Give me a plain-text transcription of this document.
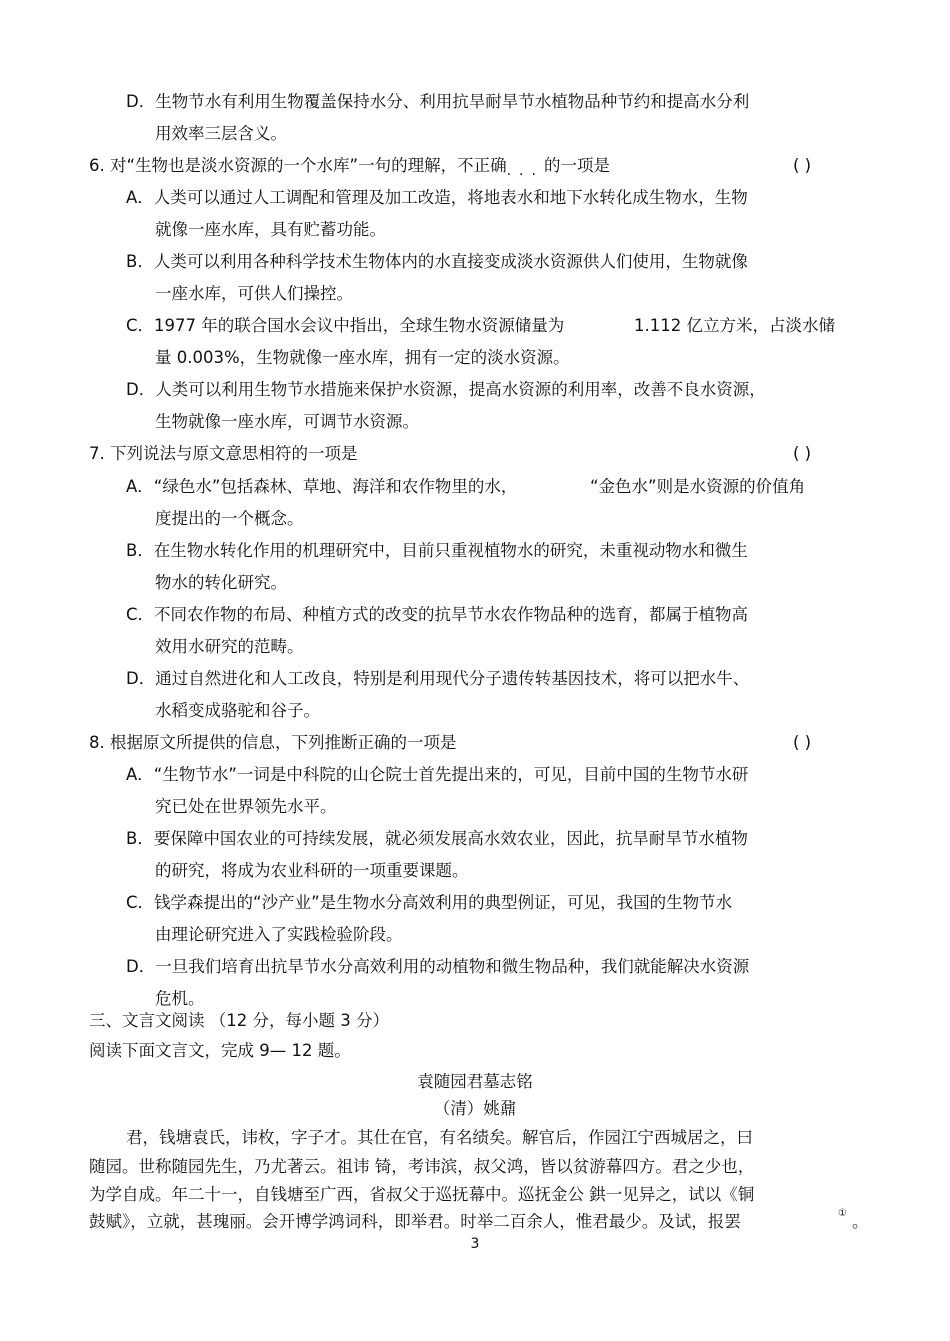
D．生物节水有利用生物覆盖保持水分、利用抗旱耐旱节水植物品种节约和提高水分利
用效率三层含义。
6. 对“生物也是淡水资源的一个水库”一句的理解，不正确$_{...}$的一项是	( )
A．人类可以通过人工调配和管理及加工改造，将地表水和地下水转化成生物水，生物
就像一座水库，具有贮蓄功能。
B．人类可以利用各种科学技术生物体内的水直接变成淡水资源供人们使用，生物就像
一座水库，可供人们操控。
C．1977 年的联合国水会议中指出，全球生物水资源储量为	1.112 亿立方米，占淡水储
量 0.003%，生物就像一座水库，拥有一定的淡水资源。
D．人类可以利用生物节水措施来保护水资源，提高水资源的利用率，改善不良水资源，
生物就像一座水库，可调节水资源。
7. 下列说法与原文意思相符的一项是	( )
A．“绿色水”包括森林、草地、海洋和农作物里的水，	“金色水”则是水资源的价值角
度提出的一个概念。
B．在生物水转化作用的机理研究中，目前只重视植物水的研究，未重视动物水和微生
物水的转化研究。
C．不同农作物的布局、种植方式的改变的抗旱节水农作物品种的选育，都属于植物高
效用水研究的范畴。
D．通过自然进化和人工改良，特别是利用现代分子遗传转基因技术，将可以把水牛、
水稻变成骆驼和谷子。
8. 根据原文所提供的信息，下列推断正确的一项是	( )
A．“生物节水”一词是中科院的山仑院士首先提出来的，可见，目前中国的生物节水研
究已处在世界领先水平。
B．要保障中国农业的可持续发展，就必须发展高水效农业，因此，抗旱耐旱节水植物
的研究，将成为农业科研的一项重要课题。
C．钱学森提出的“沙产业”是生物水分高效利用的典型例证，可见，我国的生物节水
由理论研究进入了实践检验阶段。
D．一旦我们培育出抗旱节水分高效利用的动植物和微生物品种，我们就能解决水资源
危机。
三、文言文阅读 （12 分，每小题 3 分）
阅读下面文言文，完成 9— 12 题。
袁随园君墓志铭
（清）姚鼐
君，钱塘袁氏，讳枚，字子才。其仕在官，有名绩矣。解官后，作园江宁西城居之，曰
随园。世称随园先生，乃尤著云。祖讳 锜，考讳滨，叔父鸿，皆以贫游幕四方。君之少也，
为学自成。年二十一，自钱塘至广西，省叔父于巡抚幕中。巡抚金公 鉷一见异之，试以《铜
鼓赋》，立就，甚瑰丽。会开博学鸿词科，即举君。时举二百余人，惟君最少。及试，报罢	① 。
3
